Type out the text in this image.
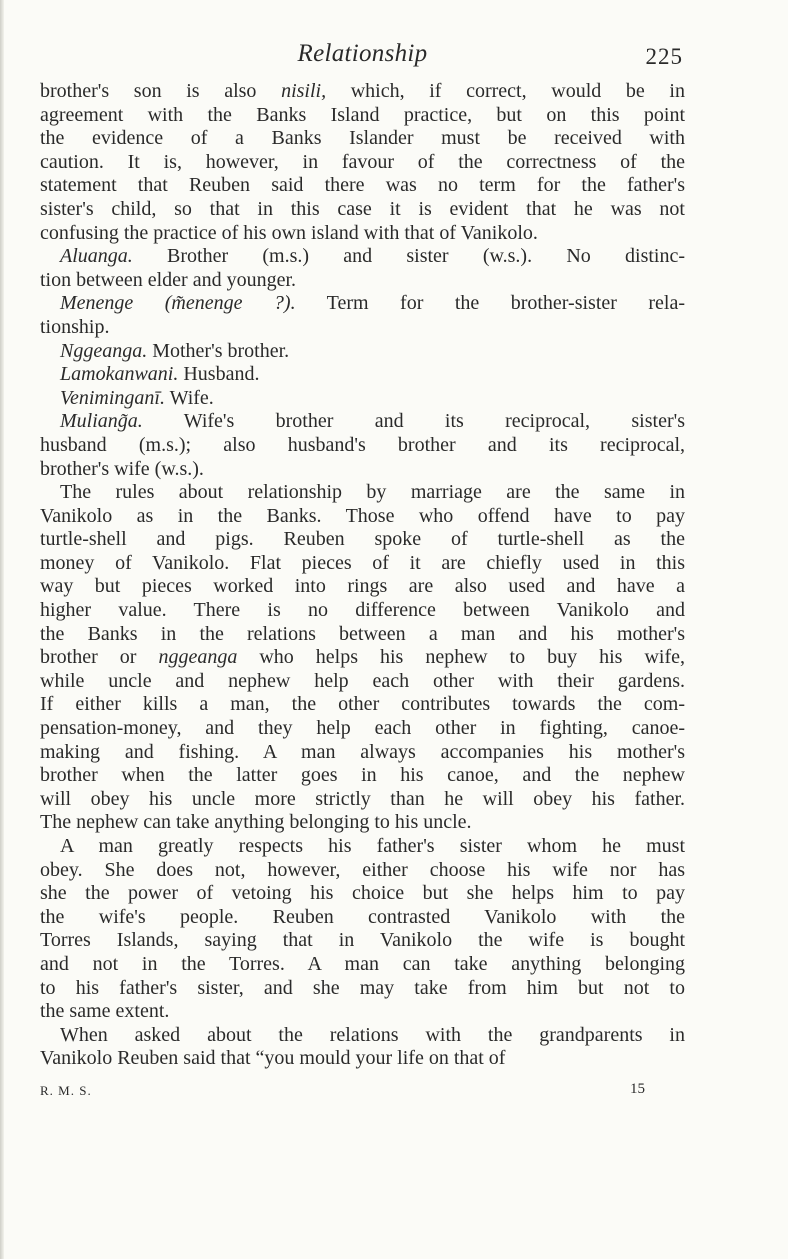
Relationship	225
brother's son is also nisili, which, if correct, would be in
agreement with the Banks Island practice, but on this point
the evidence of a Banks Islander must be received with
caution. It is, however, in favour of the correctness of the
statement that Reuben said there was no term for the father's
sister's child, so that in this case it is evident that he was not
confusing the practice of his own island with that of Vanikolo.
Aluanga. Brother (m.s.) and sister (w.s.). No distinc-
tion between elder and younger.
Menenge (m̃enenge ?). Term for the brother-sister rela-
tionship.
Nggeanga. Mother's brother.
Lamokanwani. Husband.
Veniminganī. Wife.
Muliang̃a. Wife's brother and its reciprocal, sister's
husband (m.s.); also husband's brother and its reciprocal,
brother's wife (w.s.).
The rules about relationship by marriage are the same in
Vanikolo as in the Banks. Those who offend have to pay
turtle-shell and pigs. Reuben spoke of turtle-shell as the
money of Vanikolo. Flat pieces of it are chiefly used in this
way but pieces worked into rings are also used and have a
higher value. There is no difference between Vanikolo and
the Banks in the relations between a man and his mother's
brother or nggeanga who helps his nephew to buy his wife,
while uncle and nephew help each other with their gardens.
If either kills a man, the other contributes towards the com-
pensation-money, and they help each other in fighting, canoe-
making and fishing. A man always accompanies his mother's
brother when the latter goes in his canoe, and the nephew
will obey his uncle more strictly than he will obey his father.
The nephew can take anything belonging to his uncle.
A man greatly respects his father's sister whom he must
obey. She does not, however, either choose his wife nor has
she the power of vetoing his choice but she helps him to pay
the wife's people. Reuben contrasted Vanikolo with the
Torres Islands, saying that in Vanikolo the wife is bought
and not in the Torres. A man can take anything belonging
to his father's sister, and she may take from him but not to
the same extent.
When asked about the relations with the grandparents in
Vanikolo Reuben said that “you mould your life on that of
R. M. S.	15
